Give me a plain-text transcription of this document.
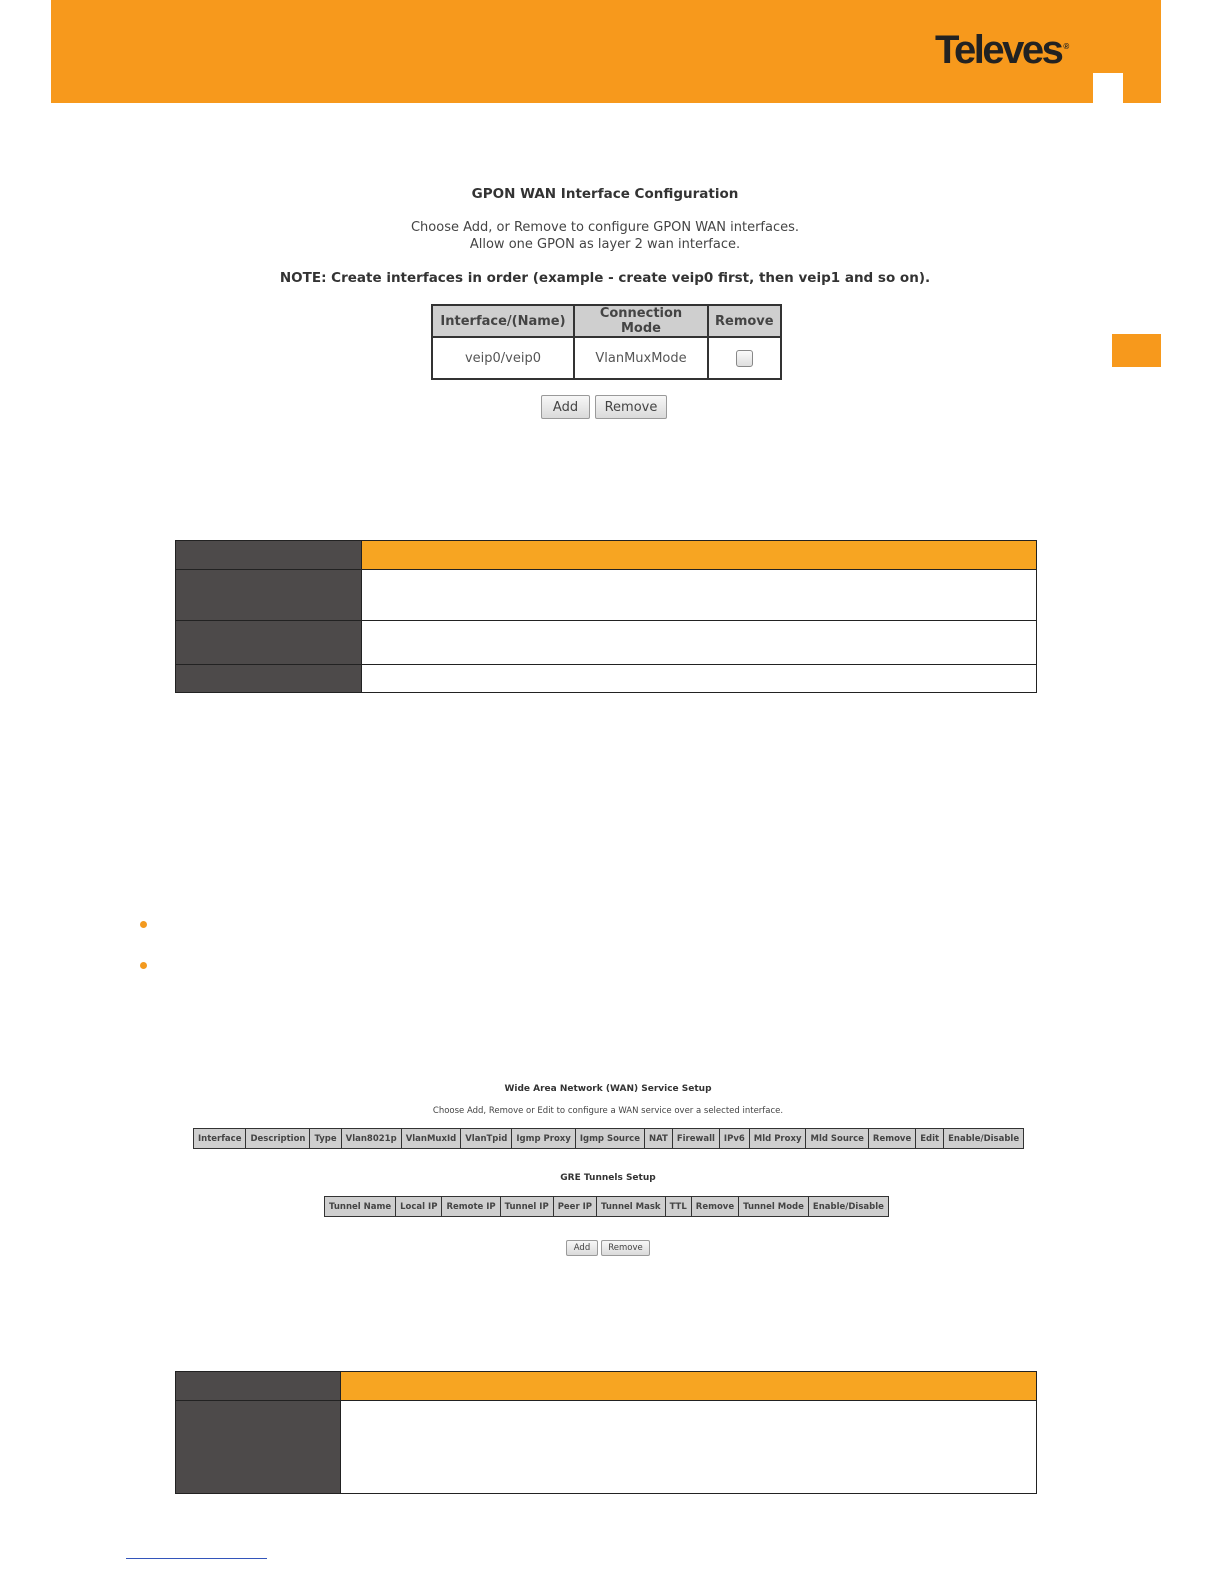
Televes ®
GPON WAN Interface Configuration
Choose Add, or Remove to configure GPON WAN interfaces.
Allow one GPON as layer 2 wan interface.
NOTE: Create interfaces in order (example - create veip0 first, then veip1 and so on).
Interface/(Name)	Connection Mode	Remove
veip0/veip0	VlanMuxMode	
Add	Remove

Wide Area Network (WAN) Service Setup
Choose Add, Remove or Edit to configure a WAN service over a selected interface.
Interface	Description	Type	Vlan8021p	VlanMuxId	VlanTpid	Igmp Proxy	Igmp Source	NAT	Firewall	IPv6	Mld Proxy	Mld Source	Remove	Edit	Enable/Disable
GRE Tunnels Setup
Tunnel Name	Local IP	Remote IP	Tunnel IP	Peer IP	Tunnel Mask	TTL	Remove	Tunnel Mode	Enable/Disable
Add	Remove
